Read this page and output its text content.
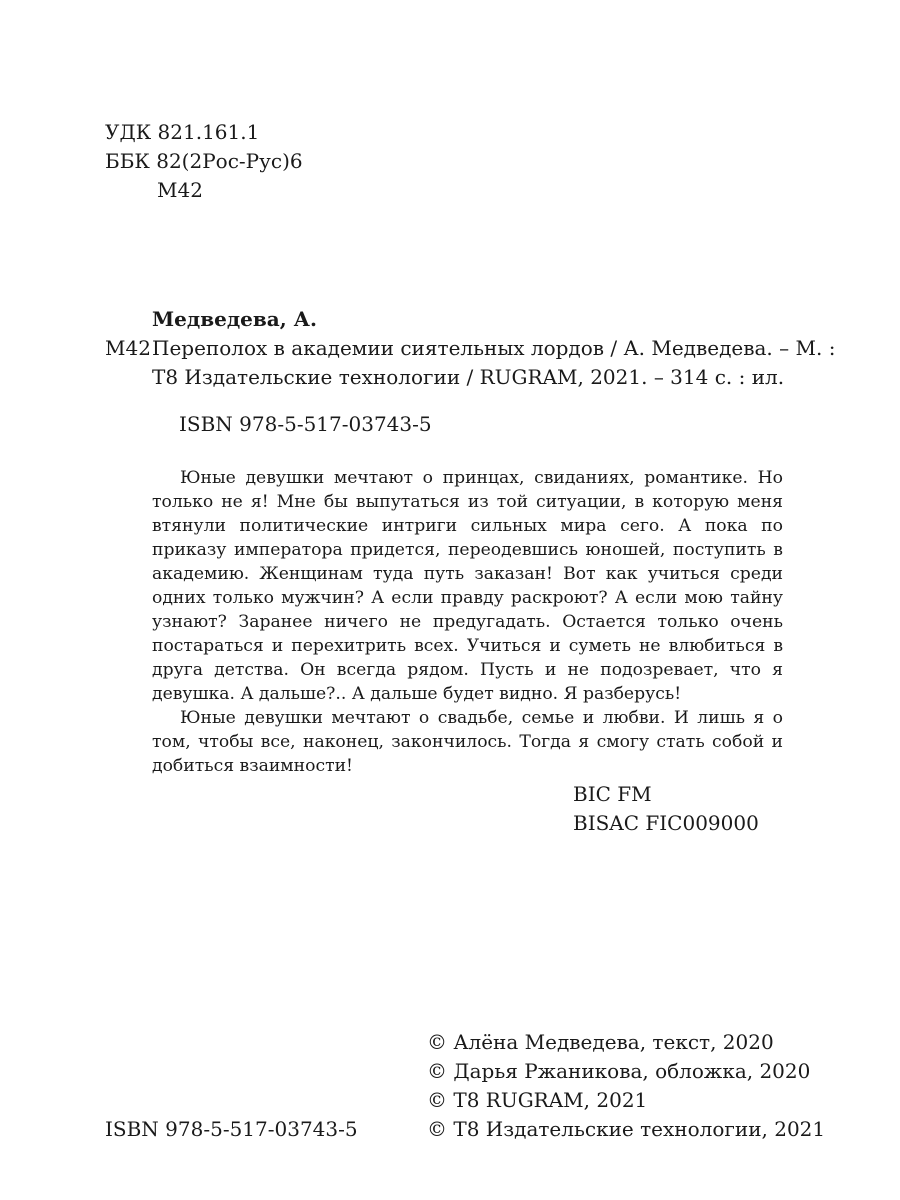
УДК 821.161.1
ББК 82(2Рос-Рус)6
М42
Медведева, А.
М42 Переполох в академии сиятельных лордов / А. Медведева. – М. :
Т8 Издательские технологии / RUGRAM, 2021. – 314 с. : ил.
ISBN 978-5-517-03743-5

Юные девушки мечтают о принцах, свиданиях, романтике. Но только не я! Мне бы выпутаться из той ситуации, в которую меня втянули политические интриги сильных мира сего. А пока по приказу императора придется, переодевшись юношей, поступить в академию. Женщинам туда путь заказан! Вот как учиться среди одних только мужчин? А если правду раскроют? А если мою тайну узнают? Заранее ничего не предугадать. Остается только очень постараться и перехитрить всех. Учиться и суметь не влюбиться в друга детства. Он всегда рядом. Пусть и не подозревает, что я девушка. А дальше?.. А дальше будет видно. Я разберусь!

Юные девушки мечтают о свадьбе, семье и любви. И лишь я о том, чтобы все, наконец, закончилось. Тогда я смогу стать собой и добиться взаимности!

BIC FM
BISAC FIC009000
© Алёна Медведева, текст, 2020
© Дарья Ржаникова, обложка, 2020
© Т8 RUGRAM, 2021
© Т8 Издательские технологии, 2021
ISBN 978-5-517-03743-5
